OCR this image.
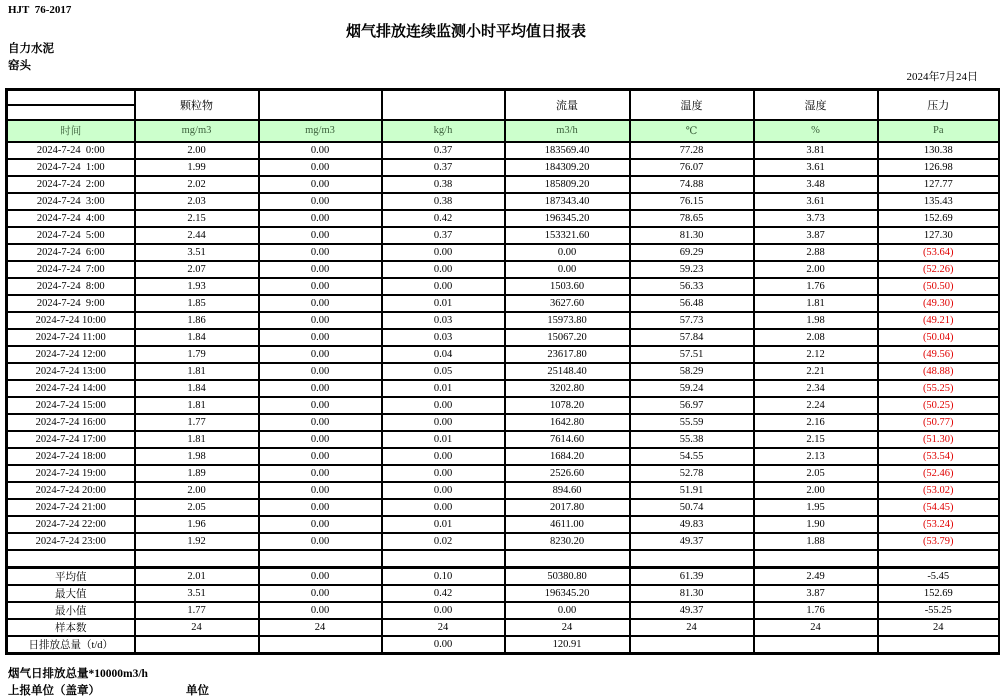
HJT  76-2017
烟气排放连续监测小时平均值日报表
自力水泥
窑头
2024年7月24日
	颗粒物			流量	温度	湿度	压力

时间	mg/m3	mg/m3	kg/h	m3/h	℃	%	Pa
2024-7-24  0:00	2.00	0.00	0.37	183569.40	77.28	3.81	130.38
2024-7-24  1:00	1.99	0.00	0.37	184309.20	76.07	3.61	126.98
2024-7-24  2:00	2.02	0.00	0.38	185809.20	74.88	3.48	127.77
2024-7-24  3:00	2.03	0.00	0.38	187343.40	76.15	3.61	135.43
2024-7-24  4:00	2.15	0.00	0.42	196345.20	78.65	3.73	152.69
2024-7-24  5:00	2.44	0.00	0.37	153321.60	81.30	3.87	127.30
2024-7-24  6:00	3.51	0.00	0.00	0.00	69.29	2.88	(53.64)
2024-7-24  7:00	2.07	0.00	0.00	0.00	59.23	2.00	(52.26)
2024-7-24  8:00	1.93	0.00	0.00	1503.60	56.33	1.76	(50.50)
2024-7-24  9:00	1.85	0.00	0.01	3627.60	56.48	1.81	(49.30)
2024-7-24 10:00	1.86	0.00	0.03	15973.80	57.73	1.98	(49.21)
2024-7-24 11:00	1.84	0.00	0.03	15067.20	57.84	2.08	(50.04)
2024-7-24 12:00	1.79	0.00	0.04	23617.80	57.51	2.12	(49.56)
2024-7-24 13:00	1.81	0.00	0.05	25148.40	58.29	2.21	(48.88)
2024-7-24 14:00	1.84	0.00	0.01	3202.80	59.24	2.34	(55.25)
2024-7-24 15:00	1.81	0.00	0.00	1078.20	56.97	2.24	(50.25)
2024-7-24 16:00	1.77	0.00	0.00	1642.80	55.59	2.16	(50.77)
2024-7-24 17:00	1.81	0.00	0.01	7614.60	55.38	2.15	(51.30)
2024-7-24 18:00	1.98	0.00	0.00	1684.20	54.55	2.13	(53.54)
2024-7-24 19:00	1.89	0.00	0.00	2526.60	52.78	2.05	(52.46)
2024-7-24 20:00	2.00	0.00	0.00	894.60	51.91	2.00	(53.02)
2024-7-24 21:00	2.05	0.00	0.00	2017.80	50.74	1.95	(54.45)
2024-7-24 22:00	1.96	0.00	0.01	4611.00	49.83	1.90	(53.24)
2024-7-24 23:00	1.92	0.00	0.02	8230.20	49.37	1.88	(53.79)

平均值	2.01	0.00	0.10	50380.80	61.39	2.49	-5.45
最大值	3.51	0.00	0.42	196345.20	81.30	3.87	152.69
最小值	1.77	0.00	0.00	0.00	49.37	1.76	-55.25
样本数	24	24	24	24	24	24	24
日排放总量（t/d）			0.00	120.91			
烟气日排放总量*10000m3/h
上报单位（盖章）	单位
